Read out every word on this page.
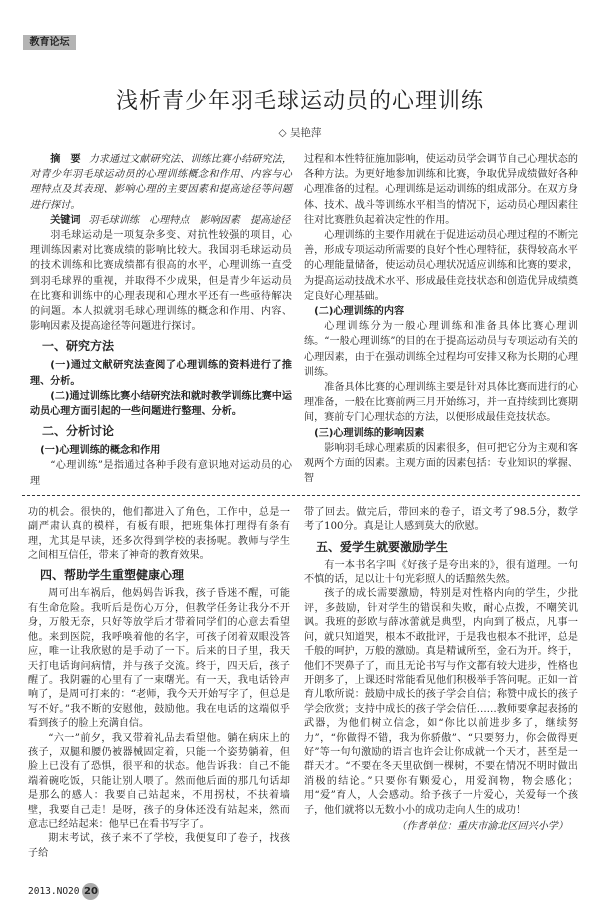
教育论坛
浅析青少年羽毛球运动员的心理训练
◇ 吴艳萍

摘　要 力求通过文献研究法、训练比赛小结研究法，对青少年羽毛球运动员的心理训练概念和作用、内容与心理特点及其表现、影响心理的主要因素和提高途径等问题进行探讨。

关键词 羽毛球训练　心理特点　影响因素　提高途径

羽毛球运动是一项复杂多变、对抗性较强的项目，心理训练因素对比赛成绩的影响比较大。我国羽毛球运动员的技术训练和比赛成绩都有很高的水平，心理训练一直受到羽毛球界的重视，并取得不少成果，但是青少年运动员在比赛和训练中的心理表现和心理水平还有一些亟待解决的问题。本人拟就羽毛球心理训练的概念和作用、内容、影响因素及提高途径等问题进行探讨。

一、研究方法

(一)通过文献研究法查阅了心理训练的资料进行了推理、分析。

(二)通过训练比赛小结研究法和就时教学训练比赛中运动员心理方面引起的一些问题进行整理、分析。

二、分析讨论
(一)心理训练的概念和作用

“心理训练”是指通过各种手段有意识地对运动员的心理

过程和本性特征施加影响，使运动员学会调节自己心理状态的各种方法。为更好地参加训练和比赛，争取优异成绩做好各种心理准备的过程。心理训练是运动训练的组成部分。在双方身体、技术、战斗等训练水平相当的情况下，运动员心理因素往往对比赛胜负起着决定性的作用。

心理训练的主要作用就在于促进运动员心理过程的不断完善，形成专项运动所需要的良好个性心理特征，获得较高水平的心理能量储备，使运动员心理状况适应训练和比赛的要求，为提高运动技战术水平、形成最佳竞技状态和创造优异成绩奠定良好心理基础。

(二)心理训练的内容

心理训练分为一般心理训练和准备具体比赛心理训练。“一般心理训练”的目的在于提高运动员与专项运动有关的心理因素，由于在强动训练全过程均可安排又称为长期的心理训练。

准备具体比赛的心理训练主要是针对具体比赛而进行的心理准备，一般在比赛前两三月开始练习，并一直持续到比赛期间，赛前专门心理状态的方法，以便形成最佳竞技状态。

(三)心理训练的影响因素

影响羽毛球心理素质的因素很多，但可把它分为主观和客观两个方面的因素。主观方面的因素包括：专业知识的掌握、智

功的机会。很快的，他们都进入了角色，工作中，总是一副严肃认真的模样，有板有眼，把班集体打理得有条有理，尤其是早读，还多次得到学校的表扬呢。教师与学生之间相互信任，带来了神奇的教育效果。

四、帮助学生重塑健康心理

周可出车祸后，他妈妈告诉我，孩子昏迷不醒，可能有生命危险。我听后是伤心万分，但教学任务让我分不开身，万般无奈，只好等放学后才带着同学们的心意去看望他。来到医院，我呼唤着他的名字，可孩子闭着双眼没答应，唯一让我欣慰的是手动了一下。后来的日子里，我天天打电话询问病情，并与孩子交流。终于，四天后，孩子醒了。我阴霾的心里有了一束曙光。有一天，我电话铃声响了，是周可打来的：“老师，我今天开始写字了，但总是写不好。”我不断的安慰他，鼓励他。我在电话的这端似乎看到孩子的脸上充满自信。

“六一”前夕，我又带着礼品去看望他。躺在病床上的孩子，双腿和腰仍被器械固定着，只能一个姿势躺着，但脸上已没有了恐惧，很平和的状态。他告诉我：自己不能端着碗吃饭，只能让别人喂了。然而他后面的那几句话却是那么的感人：我要自己站起来，不用拐杖，不扶着墙壁，我要自己走！是呀，孩子的身体还没有站起来，然而意志已经站起来：他早已在看书写字了。

期末考试，孩子来不了学校，我便复印了卷子，找孩子给

带了回去。做完后，带回来的卷子，语文考了98.5分，数学考了100分。真是让人感到莫大的欣慰。

五、爱学生就要激励学生

有一本书名字叫《好孩子是夸出来的》，很有道理。一句不慎的话，足以让十句光彩照人的话黯然失然。

孩子的成长需要激励，特别是对性格内向的学生，少批评，多鼓励，针对学生的错误和失败，耐心点拨，不嘲笑讥讽。我班的彭欧与薛冰蕾就是典型，内向到了极点，凡事一问，就只知道哭，根本不敢批评，于是我也根本不批评，总是千般的呵护，万般的激励。真是精诚所至，金石为开。终于，他们不哭鼻子了，而且无论书写与作文都有较大进步，性格也开朗多了，上课还时常能看见他们积极举手答问呢。正如一首育儿歌所说：鼓励中成长的孩子学会自信；称赞中成长的孩子学会欣赏；支持中成长的孩子学会信任……教师要拿起表扬的武器，为他们树立信念，如“你比以前进步多了，继续努力”，“你做得不错，我为你骄傲”、“只要努力，你会做得更好”等一句句激励的语言也许会让你成就一个天才，甚至是一群天才。“不要在冬天里砍倒一棵树，不要在情况不明时做出消极的结论。”只要你有颗爱心，用爱润物，物会感化；用“爱”育人，人会感动。给予孩子一片爱心，关爱每一个孩子，他们就将以无数小小的成功走向人生的成功！

（作者单位：重庆市渝北区回兴小学）

2013.NO20 20
